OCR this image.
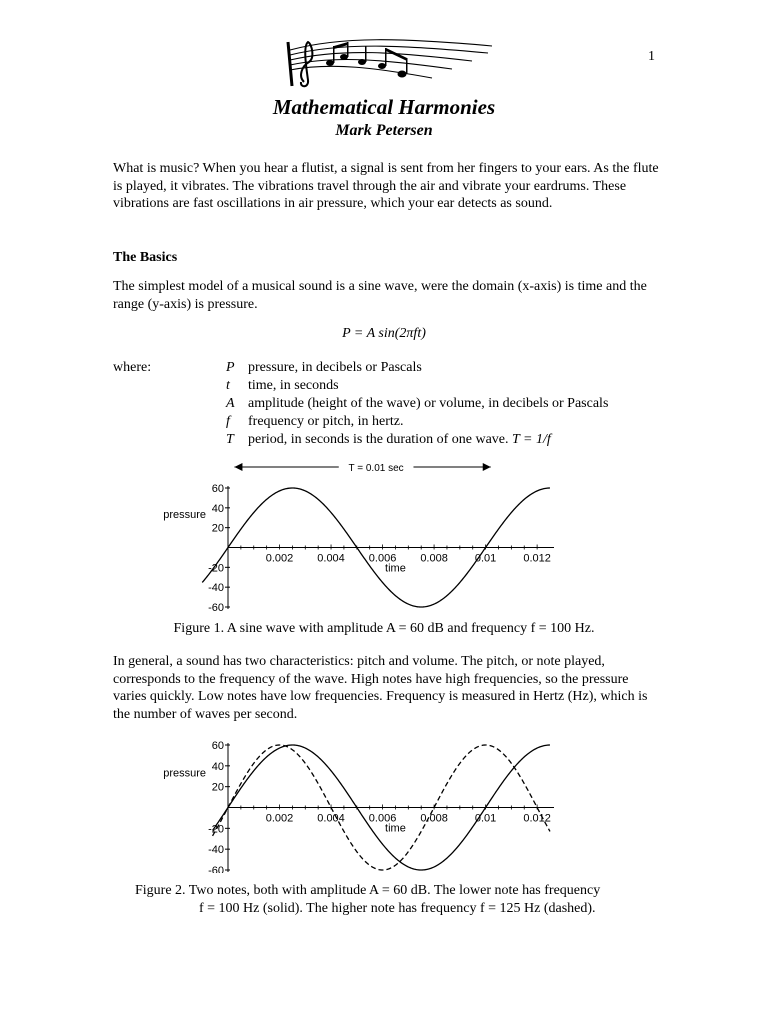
1
Mathematical Harmonies
Mark Petersen
What is music? When you hear a flutist, a signal is sent from her fingers to your ears. As the flute is played, it vibrates. The vibrations travel through the air and vibrate your eardrums. These vibrations are fast oscillations in air pressure, which your ear detects as sound.
The Basics
The simplest model of a musical sound is a sine wave, were the domain (x-axis) is time and the range (y-axis) is pressure.
P = A sin(2πft)
where:	P pressure, in decibels or Pascals
t	time, in seconds
A amplitude (height of the wave) or volume, in decibels or Pascals
f	frequency or pitch, in hertz.
T	period, in seconds is the duration of one wave. T = 1/f
60
40
20
-20
-40
-60
0.002 0.004 0.006 0.008 0.01 0.012
time
pressure
T = 0.01 sec
Figure 1. A sine wave with amplitude A = 60 dB and frequency f = 100 Hz.
In general, a sound has two characteristics: pitch and volume. The pitch, or note played, corresponds to the frequency of the wave. High notes have high frequencies, so the pressure varies quickly. Low notes have low frequencies. Frequency is measured in Hertz (Hz), which is the number of waves per second.
60
40
20
-20
-40
-60
0.002 0.004 0.006 0.008 0.01 0.012
time
pressure
Figure 2. Two notes, both with amplitude A = 60 dB. The lower note has frequency
f = 100 Hz (solid). The higher note has frequency f = 125 Hz (dashed).
